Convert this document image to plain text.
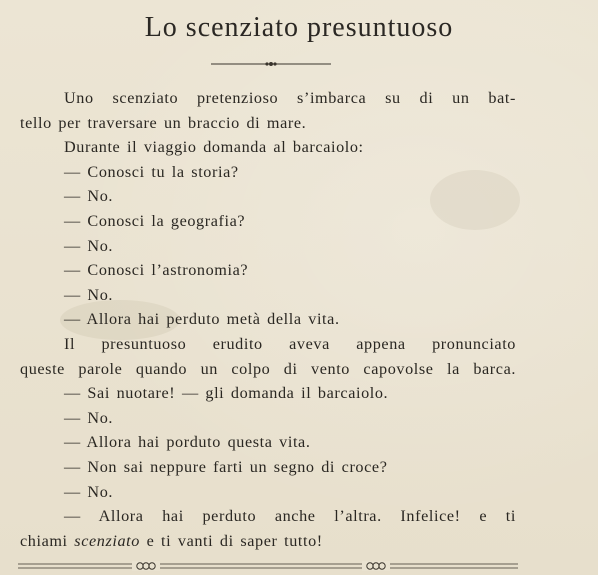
Lo scenziato presuntuoso
Uno scenziato pretenzioso s’imbarca su di un bat-
tello per traversare un braccio di mare.
Durante il viaggio domanda al barcaiolo:
— Conosci tu la storia?
— No.
— Conosci la geografia?
— No.
— Conosci l’astronomia?
— No.
— Allora hai perduto metà della vita.
Il presuntuoso erudito aveva appena pronunciato
queste parole quando un colpo di vento capovolse la barca.
— Sai nuotare! — gli domanda il barcaiolo.
— No.
— Allora hai porduto questa vita.
— Non sai neppure farti un segno di croce?
— No.
— Allora hai perduto anche l’altra. Infelice! e ti
chiami scenziato e ti vanti di saper tutto!
